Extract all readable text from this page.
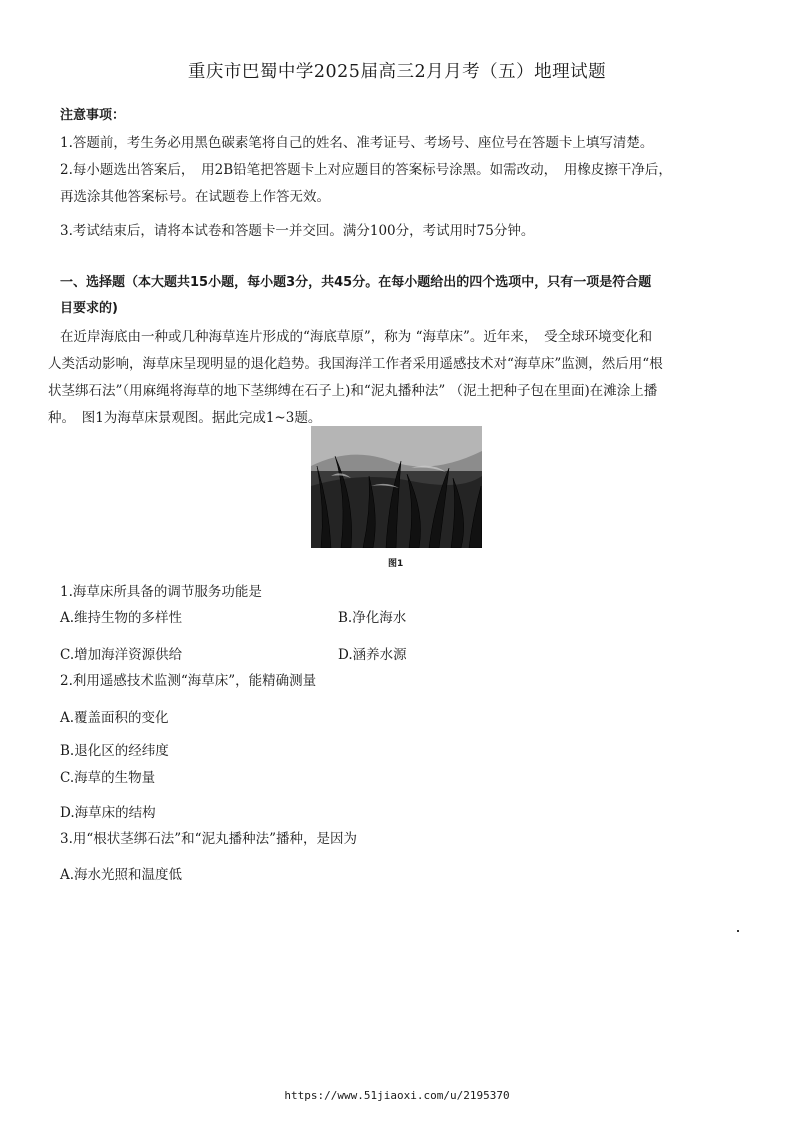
重庆市巴蜀中学2025届高三2月月考（五）地理试题
注意事项：
1.答题前，考生务必用黑色碳素笔将自己的姓名、准考证号、考场号、座位号在答题卡上填写清楚。
2.每小题选出答案后，　用2B铅笔把答题卡上对应题目的答案标号涂黑。如需改动，　用橡皮擦干净后，
再选涂其他答案标号。在试题卷上作答无效。
3.考试结束后，请将本试卷和答题卡一并交回。满分100分，考试用时75分钟。
一、选择题（本大题共15小题，每小题3分，共45分。在每小题给出的四个选项中，只有一项是符合题
目要求的)
在近岸海底由一种或几种海草连片形成的“海底草原”，称为 “海草床”。近年来，　受全球环境变化和
人类活动影响，海草床呈现明显的退化趋势。我国海洋工作者采用遥感技术对“海草床”监测，然后用“根
状茎绑石法”（用麻绳将海草的地下茎绑缚在石子上)和“泥丸播种法” （泥土把种子包在里面)在滩涂上播
种。　图1为海草床景观图。据此完成1~3题。
图1
1.海草床所具备的调节服务功能是
A.维持生物的多样性	B.净化海水
C.增加海洋资源供给	D.涵养水源
2.利用遥感技术监测“海草床”，能精确测量
A.覆盖面积的变化
B.退化区的经纬度
C.海草的生物量
D.海草床的结构
3.用“根状茎绑石法”和“泥丸播种法”播种，是因为
A.海水光照和温度低
https://www.51jiaoxi.com/u/2195370
